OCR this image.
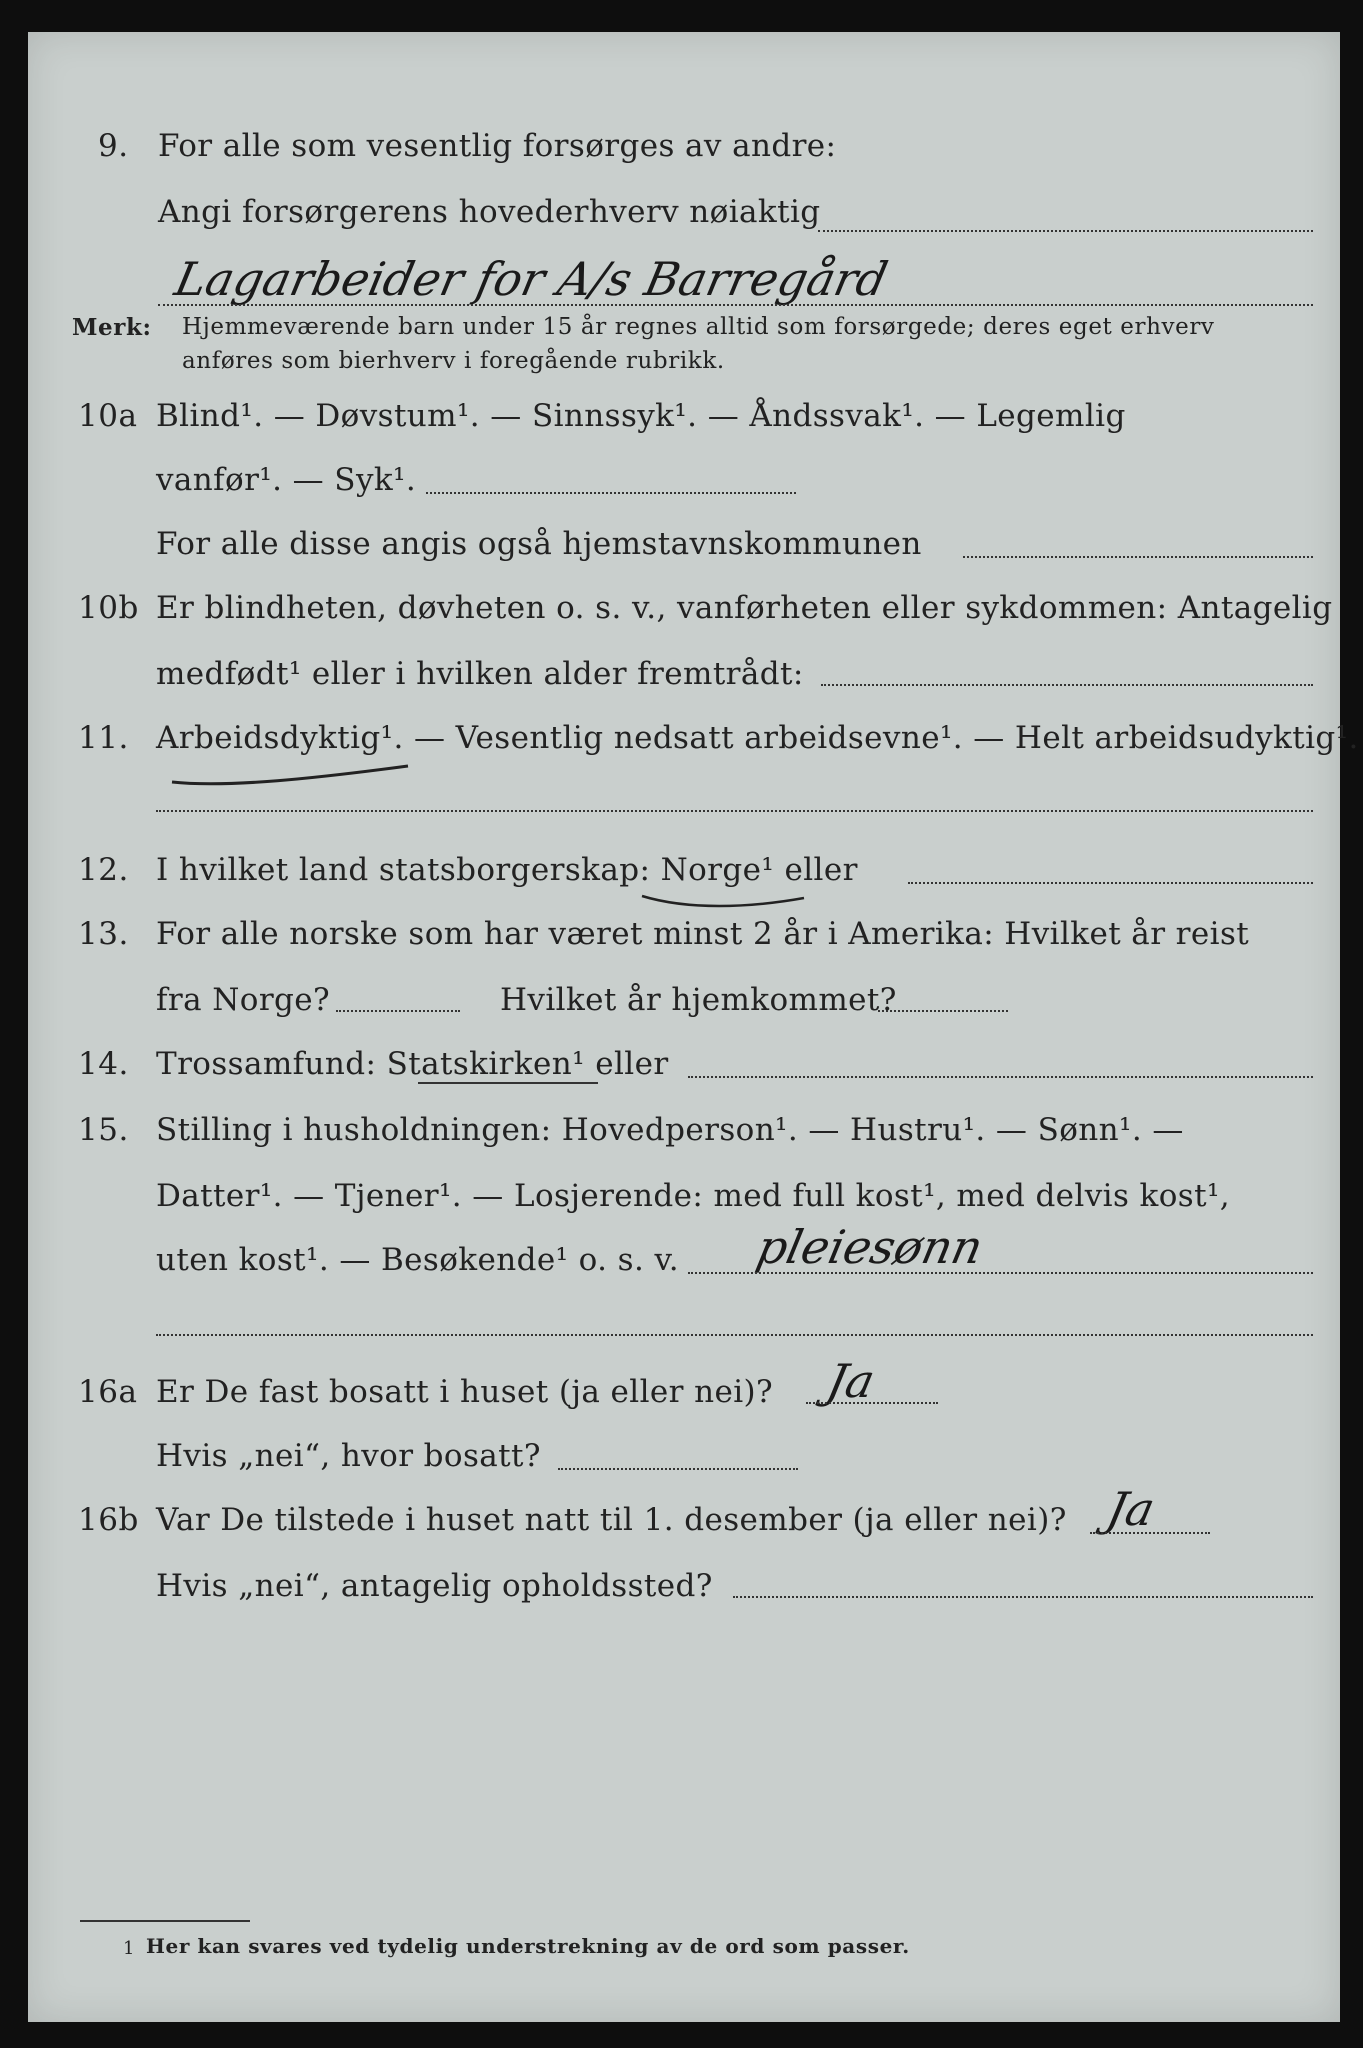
9. For alle som vesentlig forsørges av andre:
Angi forsørgerens hovederhverv nøiaktig
Lagarbeider for A/s Barregård
Merk: Hjemmeværende barn under 15 år regnes alltid som forsørgede; deres eget erhverv
anføres som bierhverv i foregående rubrikk.
10a Blind¹. — Døvstum¹. — Sinnssyk¹. — Åndssvak¹. — Legemlig
vanfør¹. — Syk¹.
For alle disse angis også hjemstavnskommunen
10b Er blindheten, døvheten o. s. v., vanførheten eller sykdommen: Antagelig
medfødt¹ eller i hvilken alder fremtrådt:
11. Arbeidsdyktig¹. — Vesentlig nedsatt arbeidsevne¹. — Helt arbeidsudyktig¹.
12. I hvilket land statsborgerskap: Norge¹ eller
13. For alle norske som har været minst 2 år i Amerika: Hvilket år reist
fra Norge?	Hvilket år hjemkommet?
14. Trossamfund: Statskirken¹ eller
15. Stilling i husholdningen: Hovedperson¹. — Hustru¹. — Sønn¹. —
Datter¹. — Tjener¹. — Losjerende: med full kost¹, med delvis kost¹,
uten kost¹. — Besøkende¹ o. s. v. pleiesønn
16a Er De fast bosatt i huset (ja eller nei)? Ja
Hvis „nei“, hvor bosatt?
16b Var De tilstede i huset natt til 1. desember (ja eller nei)? Ja
Hvis „nei“, antagelig opholdssted?
1 Her kan svares ved tydelig understrekning av de ord som passer.
